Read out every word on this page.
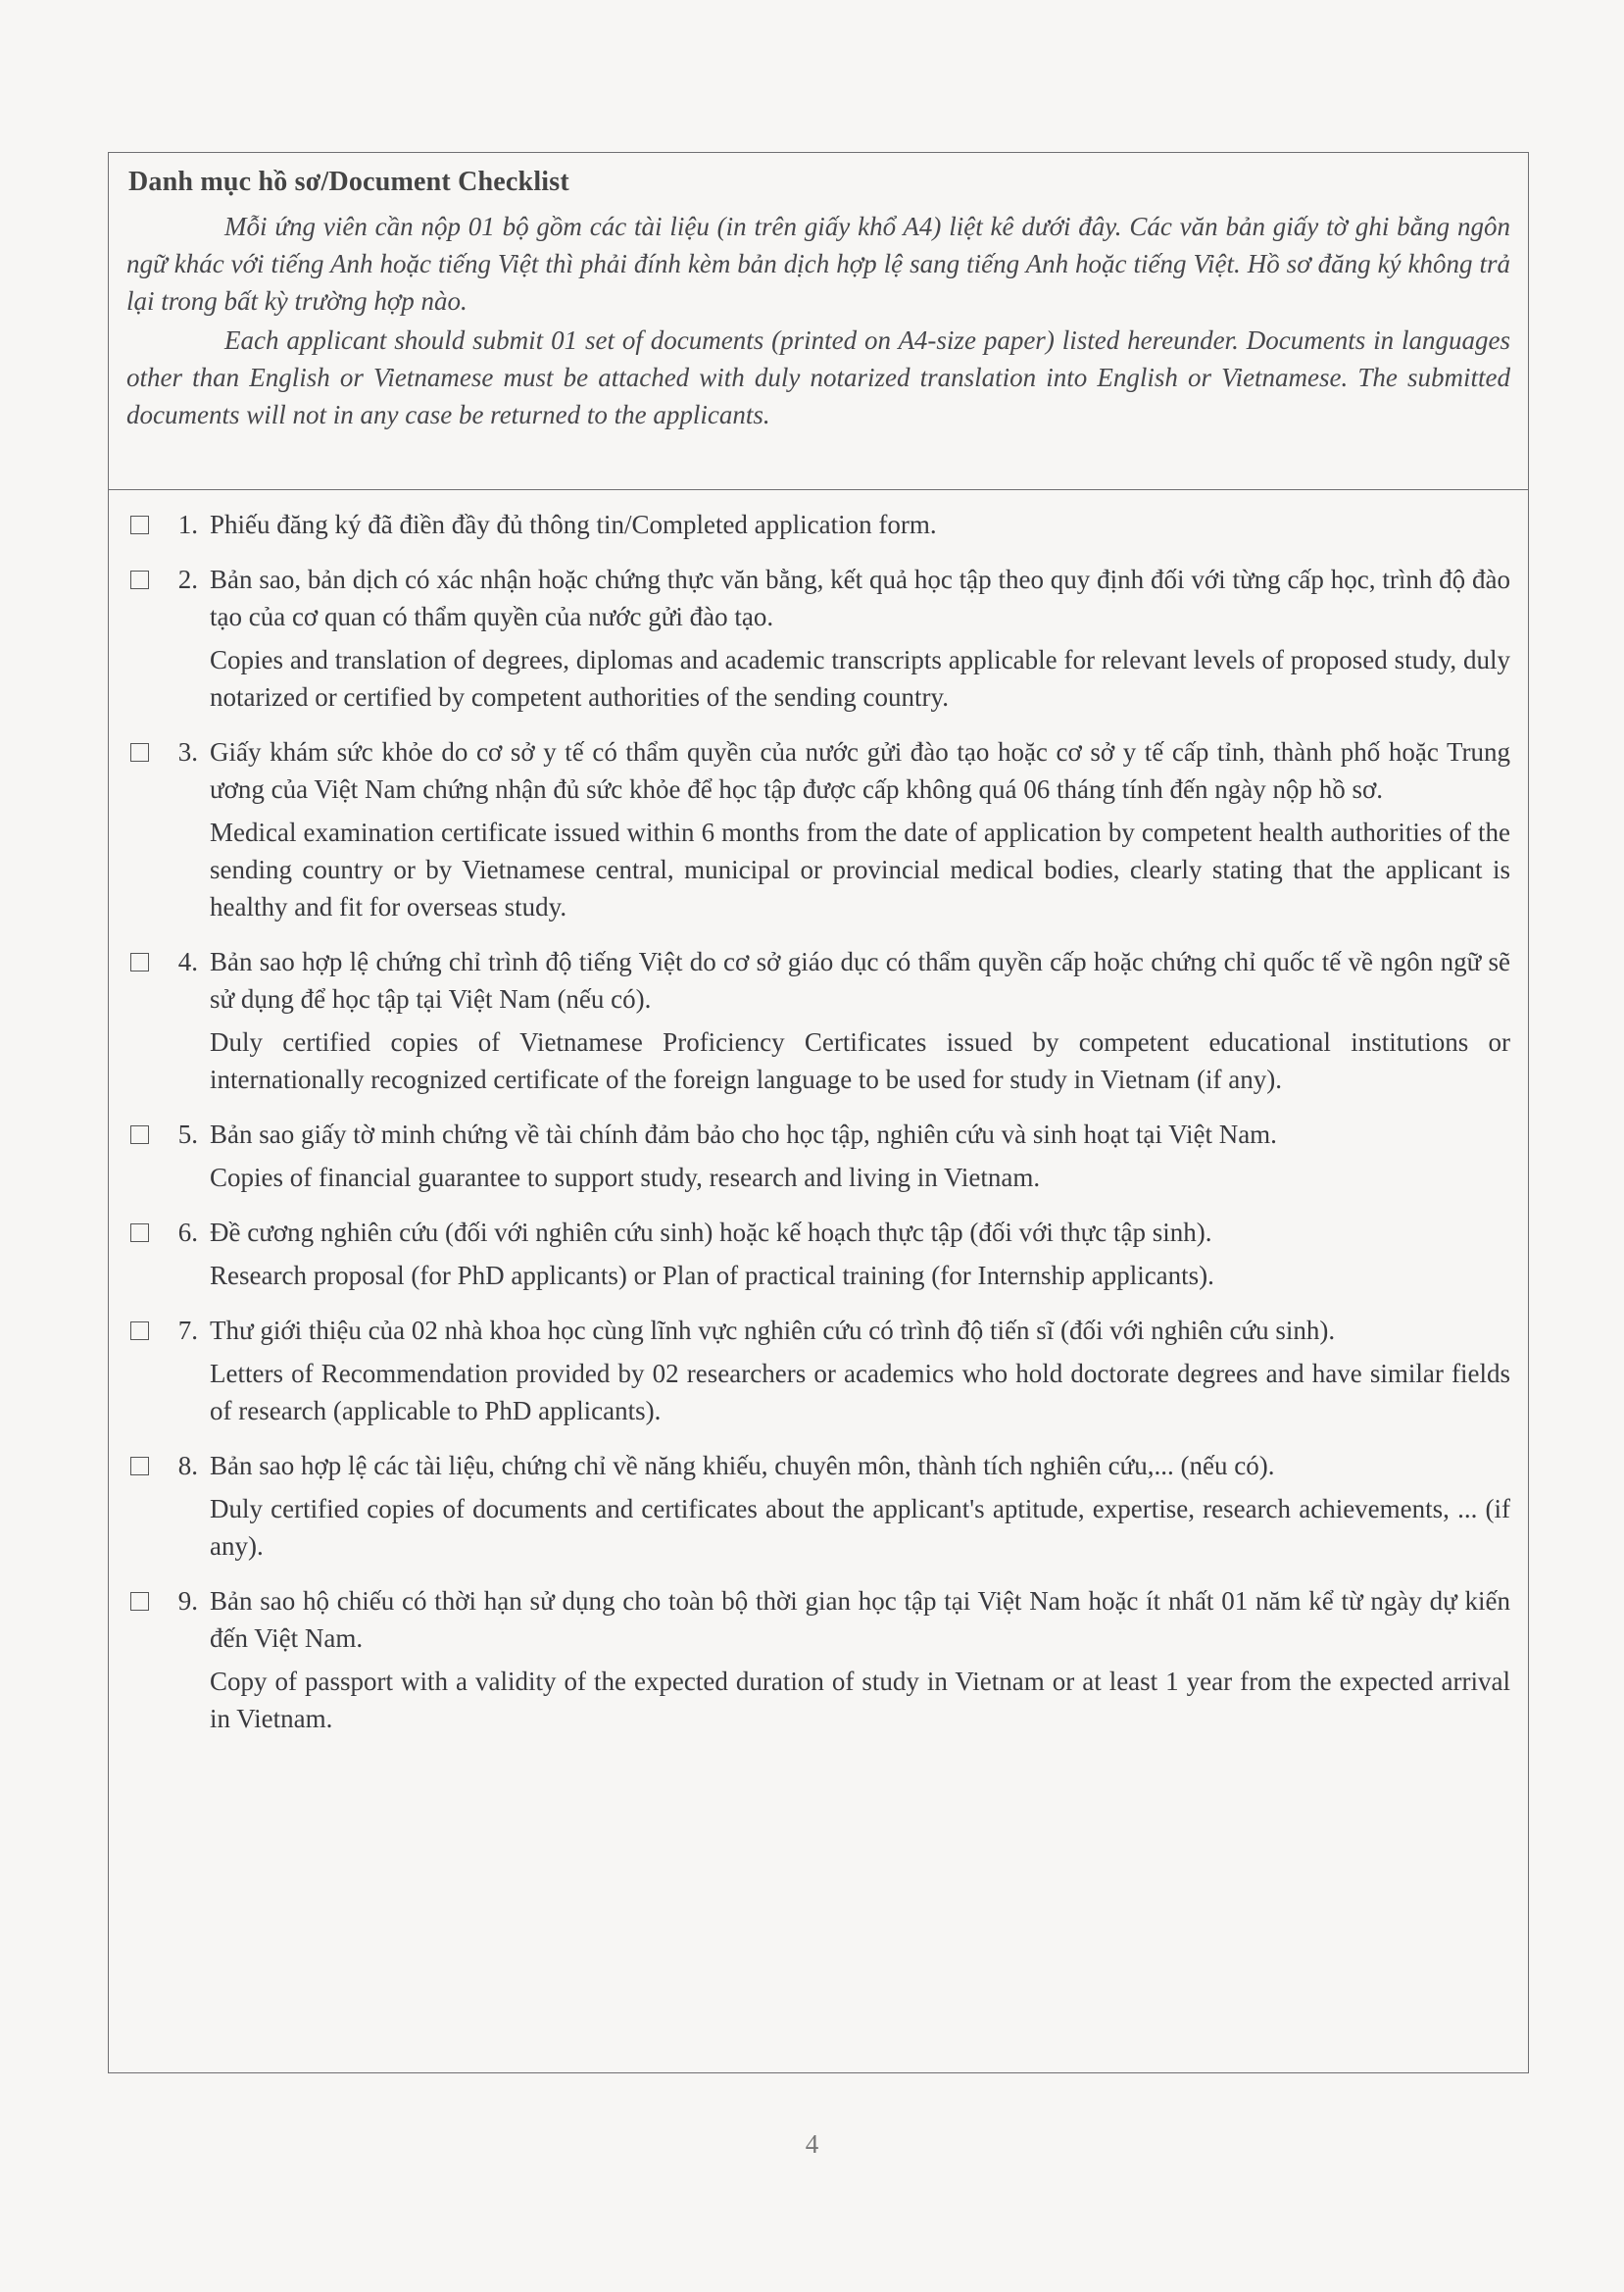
Danh mục hồ sơ/Document Checklist

Mỗi ứng viên cần nộp 01 bộ gồm các tài liệu (in trên giấy khổ A4) liệt kê dưới đây. Các văn bản giấy tờ ghi bằng ngôn ngữ khác với tiếng Anh hoặc tiếng Việt thì phải đính kèm bản dịch hợp lệ sang tiếng Anh hoặc tiếng Việt. Hồ sơ đăng ký không trả lại trong bất kỳ trường hợp nào.

Each applicant should submit 01 set of documents (printed on A4-size paper) listed hereunder. Documents in languages other than English or Vietnamese must be attached with duly notarized translation into English or Vietnamese. The submitted documents will not in any case be returned to the applicants.

1. Phiếu đăng ký đã điền đầy đủ thông tin/Completed application form.

2. Bản sao, bản dịch có xác nhận hoặc chứng thực văn bằng, kết quả học tập theo quy định đối với từng cấp học, trình độ đào tạo của cơ quan có thẩm quyền của nước gửi đào tạo.

Copies and translation of degrees, diplomas and academic transcripts applicable for relevant levels of proposed study, duly notarized or certified by competent authorities of the sending country.

3. Giấy khám sức khỏe do cơ sở y tế có thẩm quyền của nước gửi đào tạo hoặc cơ sở y tế cấp tỉnh, thành phố hoặc Trung ương của Việt Nam chứng nhận đủ sức khỏe để học tập được cấp không quá 06 tháng tính đến ngày nộp hồ sơ.

Medical examination certificate issued within 6 months from the date of application by competent health authorities of the sending country or by Vietnamese central, municipal or provincial medical bodies, clearly stating that the applicant is healthy and fit for overseas study.

4. Bản sao hợp lệ chứng chỉ trình độ tiếng Việt do cơ sở giáo dục có thẩm quyền cấp hoặc chứng chỉ quốc tế về ngôn ngữ sẽ sử dụng để học tập tại Việt Nam (nếu có).

Duly certified copies of Vietnamese Proficiency Certificates issued by competent educational institutions or internationally recognized certificate of the foreign language to be used for study in Vietnam (if any).

5. Bản sao giấy tờ minh chứng về tài chính đảm bảo cho học tập, nghiên cứu và sinh hoạt tại Việt Nam.

Copies of financial guarantee to support study, research and living in Vietnam.

6. Đề cương nghiên cứu (đối với nghiên cứu sinh) hoặc kế hoạch thực tập (đối với thực tập sinh).

Research proposal (for PhD applicants) or Plan of practical training (for Internship applicants).

7. Thư giới thiệu của 02 nhà khoa học cùng lĩnh vực nghiên cứu có trình độ tiến sĩ (đối với nghiên cứu sinh).

Letters of Recommendation provided by 02 researchers or academics who hold doctorate degrees and have similar fields of research (applicable to PhD applicants).

8. Bản sao hợp lệ các tài liệu, chứng chỉ về năng khiếu, chuyên môn, thành tích nghiên cứu,... (nếu có).

Duly certified copies of documents and certificates about the applicant's aptitude, expertise, research achievements, ... (if any).

9. Bản sao hộ chiếu có thời hạn sử dụng cho toàn bộ thời gian học tập tại Việt Nam hoặc ít nhất 01 năm kể từ ngày dự kiến đến Việt Nam.

Copy of passport with a validity of the expected duration of study in Vietnam or at least 1 year from the expected arrival in Vietnam.

4
